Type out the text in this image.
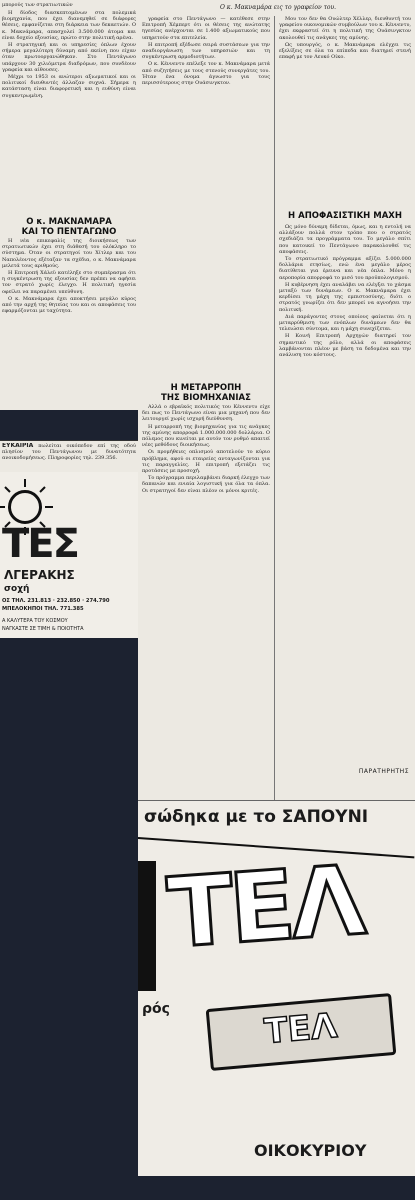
μπορούς των στρατιωτικών

Η δίοδος διασκεπτομένων στα πολεμικά βιομηχανία, που έχει διανεμηθεί σε διάφορες θέσεις, εμφανίζεται στη διάρκεια των δεκαετιών. Ο κ. Μακνάμαρα, απασχολεί 3.500.000 άτομα και είναι δοχείο εξουσίας, πρώτο στην πολιτική αρένα.

Η στρατηγική και οι υπηρεσίες όπλων έχουν σήμερα μεγαλύτερη δύναμη από εκείνη που είχαν όταν πρωτοοργανώθηκαν. Στο Πεντάγωνο υπάρχουν 30 χιλιόμετρα διαδρόμων, που συνδέουν γραφεία και αίθουσες.

Μέχρι το 1953 οι ανώτεροι αξιωματικοί και οι πολιτικοί διευθυντές άλλαζαν συχνά. Σήμερα η κατάσταση είναι διαφορετική και η ευθύνη είναι συγκεντρωμένη.

Ο κ. ΜΑΚΝΑΜΑΡΑ
ΚΑΙ ΤΟ ΠΕΝΤΑΓΩΝΟ

Η νέα επικεφαλίς της διοικήσεως των στρατιωτικών έχει στη διάθεσή του ολόκληρο το σύστημα. Όταν οι στρατηγοί του Χίτλερ και του Ναπολέοντος εξέταζαν τα σχέδια, ο κ. Μακνάμαρα μελετά τους αριθμούς.

Η Επιτροπή Χάλεϋ κατέληξε στο συμπέρασμα ότι η συγκέντρωση της εξουσίας δεν πρέπει να αφήσει τον στρατό χωρίς έλεγχο. Η πολιτική ηγεσία οφείλει να παραμένει υπεύθυνη.

Ο κ. Μακνάμαρα έχει αποκτήσει μεγάλο κύρος από την αρχή της θητείας του και οι αποφάσεις του εφαρμόζονται με ταχύτητα.

ΕΥΚΑΙΡΙΑ πωλείται οικόπεδον επί της οδού πλησίον του Πεντάγωνου με δυνατότητα ανοικοδομήσεως. Πληροφορίες τηλ. 239.356.
ΤΕΣ
ΛΓΕΡΑΚΗΣ
σοχή
ΟΣ ΤΗΛ. 231.813 · 232.850 · 274.790
ΜΠΕΛΟΚΗΠΟΙ ΤΗΛ. 771.385
Α ΚΑΛΥΤΕΡΑ ΤΟΥ ΚΟΣΜΟΥ
ΝΑΓΚΑΣΤΕ ΣΕ ΤΙΜΗ & ΠΟΙΟΤΗΤΑ
Ο κ. Μακναμάρα εις το γραφείον του.

γραφεία στο Πεντάγωνο — κατέθεσε στην Επιτροπή Χέμπερτ ότι οι θέσεις της ανώτατης ηγεσίας ανέρχονται σε 1.400 αξιωματικούς που υπηρετούν στα επιτελεία.

Η επιτροπή εξέδωσε σειρά συστάσεων για την αναδιοργάνωση των υπηρεσιών και τη συγκέντρωση αρμοδιοτήτων.

Ο κ. Κέννεντυ επέλεξε τον κ. Μακνάμαρα μετά από συζητήσεις με τους στενούς συνεργάτες του. Ήταν ένα όνομα άγνωστο για τους περισσότερους στην Ουάσινγκτον.

Η ΜΕΤΑΡΡΟΠΗ
ΤΗΣ ΒΙΟΜΗΧΑΝΙΑΣ

Αλλά ο εβραϊκός πολιτικός του Κέννεντυ είχε δει πως το Πεντάγωνο είναι μια μηχανή που δεν λειτουργεί χωρίς ισχυρή διεύθυνση.

Η μεταρροπή της βιομηχανίας για τις ανάγκες της αμύνης απορροφά 1.000.000.000 δολλάρια. Ο πόλεμος που κινείται με αυτόν τον ρυθμό απαιτεί νέες μεθόδους διοικήσεως.

Οι προμήθειες οπλισμού αποτελούν το κύριο πρόβλημα, αφού οι εταιρείες ανταγωνίζονται για τις παραγγελίες. Η επιτροπή εξετάζει τις προτάσεις με προσοχή.

Το πρόγραμμα περιλαμβάνει διαρκή έλεγχο των δαπανών και ενιαία λογιστική για όλα τα όπλα. Οι στρατηγοί δεν είναι πλέον οι μόνοι κριτές.

Μου τον δεν θα Ουώλτερ Χέλλερ, διευθυντή του γραφείου οικονομικών συμβούλων του κ. Κέννεντυ, έχει εκφραστεί ότι η πολιτική της Ουάσινγκτον ακολουθεί τις ανάγκες της αμύνης.

Ως υπουργός, ο κ. Μακνάμαρα ελέγχει τις εξελίξεις σε όλα τα επίπεδα και διατηρεί στενή επαφή με τον Λευκό Οίκο.

Η ΑΠΟΦΑΣΙΣΤΙΚΗ ΜΑΧΗ

Ως μόνο δύναμη δίδεται, όμως, και η εντολή να αλλάξουν πολλά στον τρόπο που ο στρατός σχεδιάζει τα προγράμματα του. Το μεγάλο σπίτι που κατοικεί το Πεντάγωνο παρακολουθεί τις αποφάσεις.

Το στρατιωτικό πρόγραμμα αξίζει 5.000.000 δολλάρια ετησίως, ενώ ένα μεγάλο μέρος διατίθεται για έρευνα και νέα όπλα. Μόνο η αεροπορία απορροφά το μισό του προϋπολογισμού.

Η κυβέρνηση έχει αναλάβει να ελέγξει το χάσμα μεταξύ των δυνάμεων. Ο κ. Μακνάμαρα έχει κερδίσει τη μάχη της εμπιστοσύνης, διότι ο στρατός γνωρίζει ότι δεν μπορεί να αγνοήσει την πολιτική.

Διά παράγοντες στους οποίους φαίνεται ότι η μεταρρύθμιση των ενόπλων δυνάμεων δεν θα τελειώσει σύντομα, και η μάχη συνεχίζεται.

Η Κοινή Επιτροπή Αρχηγών διατηρεί τον σημαντικό της ρόλο, αλλά οι αποφάσεις λαμβάνονται πλέον με βάση τα δεδομένα και την ανάλυση του κόστους.

ΠΑΡΑΤΗΡΗΤΗΣ
σώδηκα με το ΣΑΠΟΥΝΙ
ΤΕΛ
ρός	ΤΕΛ
ΟΙΚΟΚΥΡΙΟΥ
